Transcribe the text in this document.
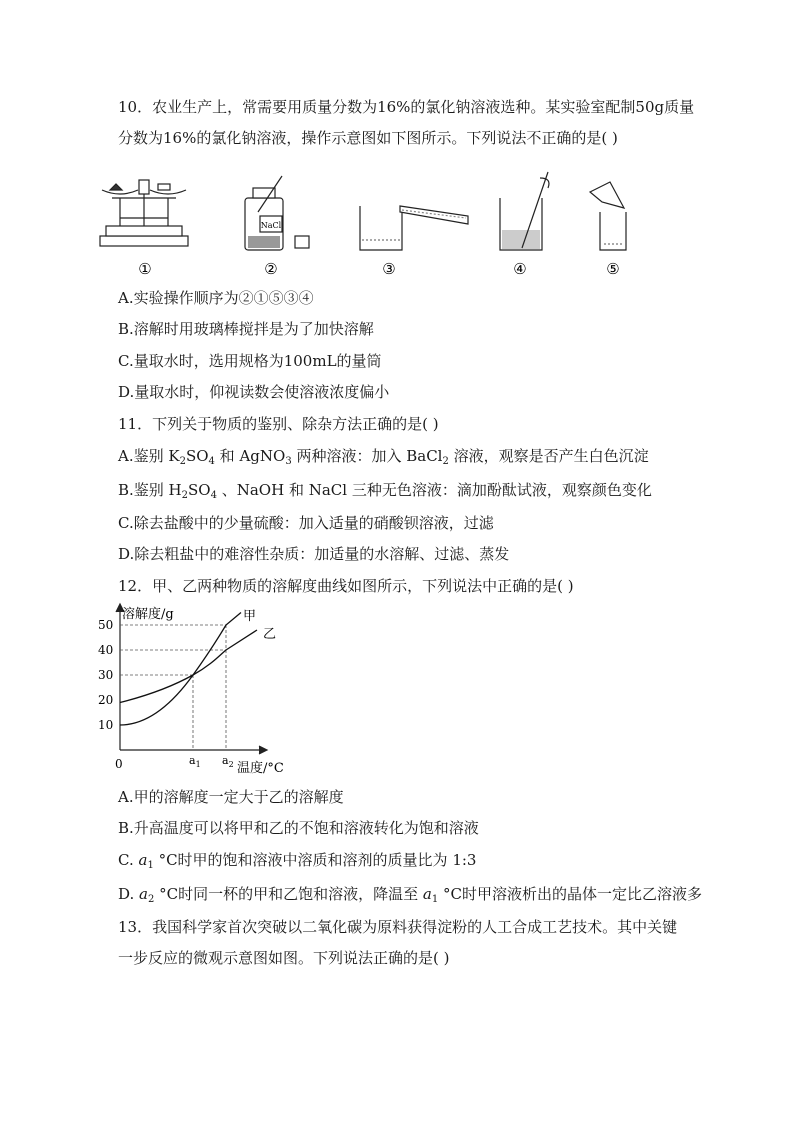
10．农业生产上，常需要用质量分数为16%的氯化钠溶液选种。某实验室配制50g质量
分数为16%的氯化钠溶液，操作示意图如下图所示。下列说法不正确的是( )
①
NaCl
②	③	④	⑤
A.实验操作顺序为②①⑤③④
B.溶解时用玻璃棒搅拌是为了加快溶解
C.量取水时，选用规格为100mL的量筒
D.量取水时，仰视读数会使溶液浓度偏小
11．下列关于物质的鉴别、除杂方法正确的是( )
A.鉴别 $K_2SO_4$ 和 AgNO$_3$ 两种溶液：加入 BaCl$_2$ 溶液，观察是否产生白色沉淀
B.鉴别 $H_2SO_4$ 、NaOH 和 NaCl 三种无色溶液：滴加酚酞试液，观察颜色变化
C.除去盐酸中的少量硫酸：加入适量的硝酸钡溶液，过滤
D.除去粗盐中的难溶性杂质：加适量的水溶解、过滤、蒸发
12．甲、乙两种物质的溶解度曲线如图所示，下列说法中正确的是( )
10
20
30
40
50
$a_1$ $a_2$
甲
乙
溶解度/g
温度/°C
0
A.甲的溶解度一定大于乙的溶解度
B.升高温度可以将甲和乙的不饱和溶液转化为饱和溶液
C. $a_1$ °C时甲的饱和溶液中溶质和溶剂的质量比为 1:3
D. $a_2$ °C时同一杯的甲和乙饱和溶液，降温至 $a_1$ °C时甲溶液析出的晶体一定比乙溶液多
13．我国科学家首次突破以二氧化碳为原料获得淀粉的人工合成工艺技术。其中关键
一步反应的微观示意图如图。下列说法正确的是( )
